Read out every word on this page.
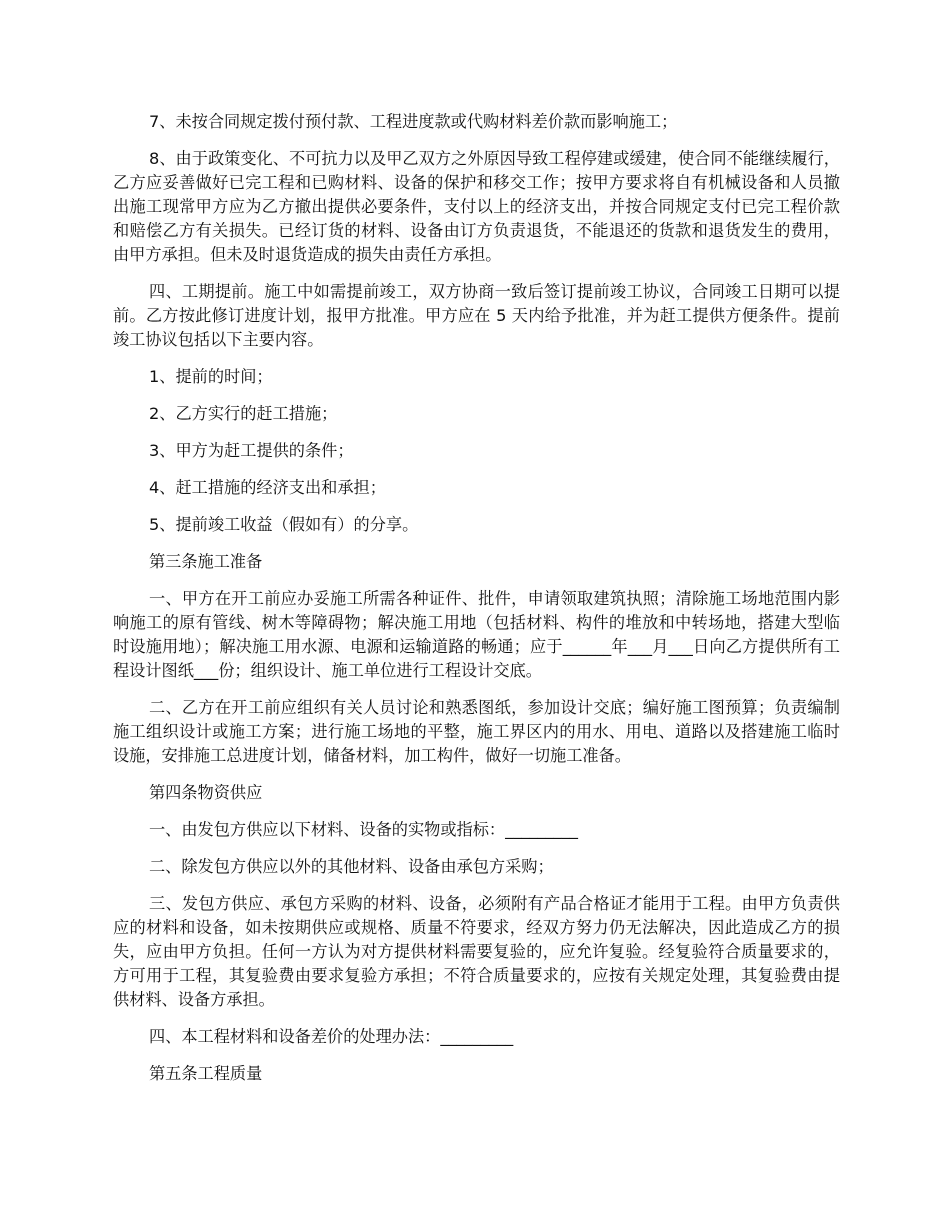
7、未按合同规定拨付预付款、工程进度款或代购材料差价款而影响施工；

8、由于政策变化、不可抗力以及甲乙双方之外原因导致工程停建或缓建，使合同不能继续履行，乙方应妥善做好已完工程和已购材料、设备的保护和移交工作；按甲方要求将自有机械设备和人员撤出施工现常甲方应为乙方撤出提供必要条件，支付以上的经济支出，并按合同规定支付已完工程价款和赔偿乙方有关损失。已经订货的材料、设备由订方负责退货，不能退还的货款和退货发生的费用，由甲方承担。但未及时退货造成的损失由责任方承担。

四、工期提前。施工中如需提前竣工，双方协商一致后签订提前竣工协议，合同竣工日期可以提前。乙方按此修订进度计划，报甲方批准。甲方应在 5 天内给予批准，并为赶工提供方便条件。提前竣工协议包括以下主要内容。

1、提前的时间；

2、乙方实行的赶工措施；

3、甲方为赶工提供的条件；

4、赶工措施的经济支出和承担；

5、提前竣工收益（假如有）的分享。

第三条施工准备

一、甲方在开工前应办妥施工所需各种证件、批件，申请领取建筑执照；清除施工场地范围内影响施工的原有管线、树木等障碍物；解决施工用地（包括材料、构件的堆放和中转场地，搭建大型临时设施用地）；解决施工用水源、电源和运输道路的畅通；应于______年___月___日向乙方提供所有工程设计图纸___份；组织设计、施工单位进行工程设计交底。

二、乙方在开工前应组织有关人员讨论和熟悉图纸，参加设计交底；编好施工图预算；负责编制施工组织设计或施工方案；进行施工场地的平整，施工界区内的用水、用电、道路以及搭建施工临时设施，安排施工总进度计划，储备材料，加工构件，做好一切施工准备。

第四条物资供应

一、由发包方供应以下材料、设备的实物或指标：_________

二、除发包方供应以外的其他材料、设备由承包方采购；

三、发包方供应、承包方采购的材料、设备，必须附有产品合格证才能用于工程。由甲方负责供应的材料和设备，如未按期供应或规格、质量不符要求，经双方努力仍无法解决，因此造成乙方的损失，应由甲方负担。任何一方认为对方提供材料需要复验的，应允许复验。经复验符合质量要求的，方可用于工程，其复验费由要求复验方承担；不符合质量要求的，应按有关规定处理，其复验费由提供材料、设备方承担。

四、本工程材料和设备差价的处理办法：_________

第五条工程质量
